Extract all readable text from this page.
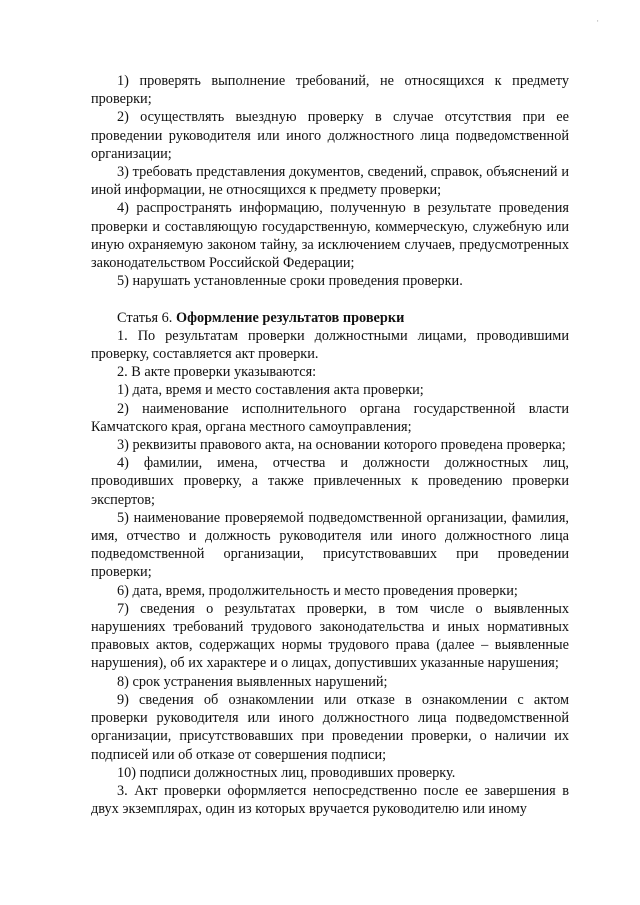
'

1) проверять выполнение требований, не относящихся к предмету проверки;

2) осуществлять выездную проверку в случае отсутствия при ее проведении руководителя или иного должностного лица подведомственной организации;

3) требовать представления документов, сведений, справок, объяснений и иной информации, не относящихся к предмету проверки;

4) распространять информацию, полученную в результате проведения проверки и составляющую государственную, коммерческую, служебную или иную охраняемую законом тайну, за исключением случаев, предусмотренных законодательством Российской Федерации;

5) нарушать установленные сроки проведения проверки.

Статья 6. Оформление результатов проверки

1. По результатам проверки должностными лицами, проводившими проверку, составляется акт проверки.

2. В акте проверки указываются:

1) дата, время и место составления акта проверки;

2) наименование исполнительного органа государственной власти Камчатского края, органа местного самоуправления;

3) реквизиты правового акта, на основании которого проведена проверка;

4) фамилии, имена, отчества и должности должностных лиц, проводивших проверку, а также привлеченных к проведению проверки экспертов;

5) наименование проверяемой подведомственной организации, фамилия, имя, отчество и должность руководителя или иного должностного лица подведомственной организации, присутствовавших при проведении проверки;

6) дата, время, продолжительность и место проведения проверки;

7) сведения о результатах проверки, в том числе о выявленных нарушениях требований трудового законодательства и иных нормативных правовых актов, содержащих нормы трудового права (далее – выявленные нарушения), об их характере и о лицах, допустивших указанные нарушения;

8) срок устранения выявленных нарушений;

9) сведения об ознакомлении или отказе в ознакомлении с актом проверки руководителя или иного должностного лица подведомственной организации, присутствовавших при проведении проверки, о наличии их подписей или об отказе от совершения подписи;

10) подписи должностных лиц, проводивших проверку.

3. Акт проверки оформляется непосредственно после ее завершения в двух экземплярах, один из которых вручается руководителю или иному
